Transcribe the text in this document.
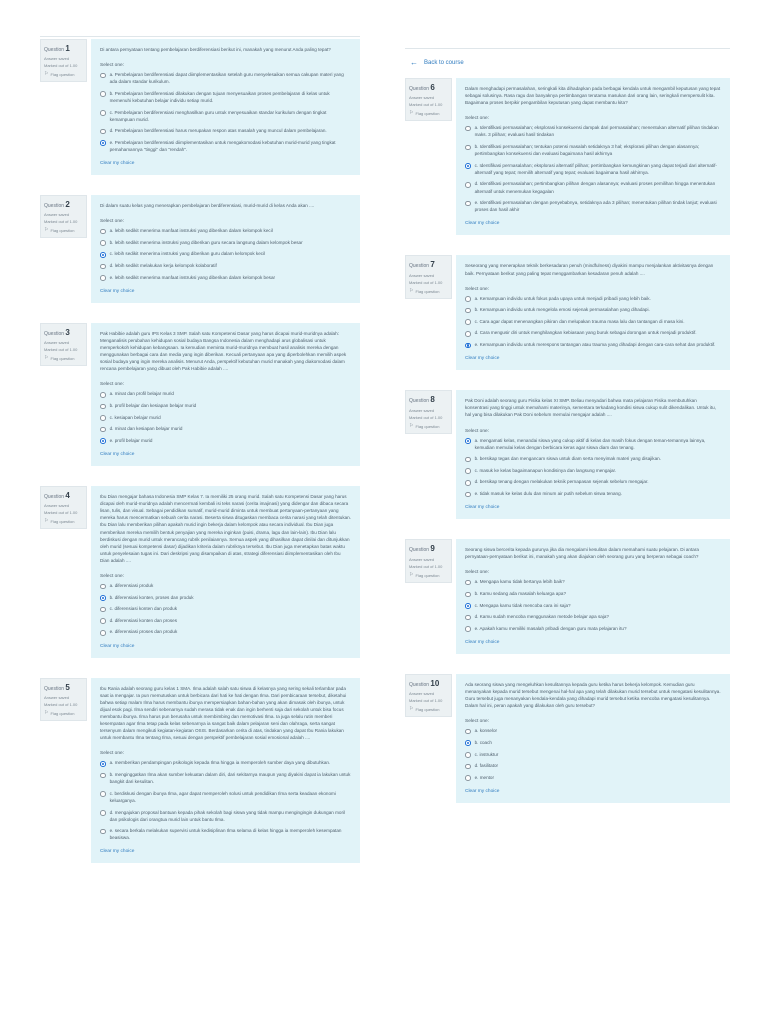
Question 1
Answer saved
Marked out of 1.00
⚐ Flag question

Di antara pernyataan tentang pembelajaran berdiferensiasi berikut ini, manakah yang menurut Anda paling tepat?

Select one:
a. Pembelajaran berdiferensiasi dapat diimplementasikan setelah guru menyelesaikan semua cakupan materi yang ada dalam standar kurikulum.
b. Pembelajaran berdiferensiasi dilakukan dengan tujuan menyesuaikan proses pembelajaran di kelas untuk memenuhi kebutuhan belajar individu setiap murid.
c. Pembelajaran berdiferensiasi menghasilkan guru untuk menyesuaikan standar kurikulum dengan tingkat kemampuan murid.
d. Pembelajaran berdiferensiasi harus merupakan respon atas masalah yang muncul dalam pembelajaran.
e. Pembelajaran berdiferensiasi diimplementasikan untuk mengakomodasi kebutuhan murid-murid yang tingkat pemahamannya "tinggi" dan "rendah".
Clear my choice
Question 2
Answer saved
Marked out of 1.00
⚐ Flag question

Di dalam suatu kelas yang menerapkan pembelajaran berdiferensiasi, murid-murid di kelas Anda akan ....

Select one:
a. lebih sedikit menerima manfaat instruksi yang diberikan dalam kelompok kecil
b. lebih sedikit menerima instruksi yang diberikan guru secara langsung dalam kelompok besar
c. lebih sedikit menerima instruksi yang diberikan guru dalam kelompok kecil
d. lebih sedikit melakukan kerja kelompok kolaboratif
e. lebih sedikit menerima manfaat instruksi yang diberikan dalam kelompok besar
Clear my choice
Question 3
Answer saved
Marked out of 1.00
⚐ Flag question

Pak Habibie adalah guru IPS Kelas 3 SMP. Salah satu Kompetensi Dasar yang harus dicapai murid-muridnya adalah: Menganalisis perubahan kehidupan sosial budaya Bangsa Indonesia dalam menghadapi arus globalisasi untuk memperkokoh kehidupan kebangsaan. Ia kemudian meminta murid-muridnya membuat hasil analisis mereka dengan menggunakan berbagai cara dan media yang ingin diberikan. Kecuali pertanyaan apa yang diperbolehkan memilih aspek sosial budaya yang ingin mereka analisis. Menurut Anda, perspektif kebutuhan murid manakah yang diakomodasi dalam rencana pembelajaran yang dibuat oleh Pak Habibie adalah ....

Select one:
a. minat dan profil belajar murid
b. profil belajar dan kesiapan belajar murid
c. kesiapan belajar murid
d. minat dan kesiapan belajar murid
e. profil belajar murid
Clear my choice
Question 4
Answer saved
Marked out of 1.00
⚐ Flag question

Ibu Dian mengajar bahasa Indonesia SMP Kelas 7. Ia memiliki 25 orang murid. Salah satu Kompetensi Dasar yang harus dicapai oleh murid-muridnya adalah mencermati kembali isi teks narasi (cerita imajinasi) yang didengar dan dibaca secara lisan, tulis, dan visual. Sebagai pendidikan sumatif, murid-murid diminta untuk membuat pertanyaan-pertanyaan yang mereka harus mencermatkan sebuah cerita narasi. Beserta siswa ditugaskan membaca cerita narasi yang telah ditentukan. Ibu Dian lalu memberikan pilihan apakah murid ingin bekerja dalam kelompok atau secara individual. Ibu Dian juga memberikan mereka memilih bentuk penyajian yang mereka inginkan (puisi, drama, lagu dan lain-lain). Ibu Dian lalu berdiskusi dengan murid untuk merancang rubrik penilaiannya. Semua aspek yang dihasilkan dapat dinilai dan ditunjukkan oleh murid (sesuai kompetensi dasar) dijadikan kriteria dalam rubriknya tersebut. Ibu Dian juga menetapkan batas waktu untuk penyelesaian tugas ini. Dari deskripsi yang disampaikan di atas, strategi diferensiasi diimplementasikan oleh Ibu Dian adalah ....

Select one:
a. diferensiasi produk
b. diferensiasi konten, proses dan produk
c. diferensiasi konten dan produk
d. diferensiasi konten dan proses
e. diferensiasi proses dan produk
Clear my choice
Question 5
Answer saved
Marked out of 1.00
⚐ Flag question

Ibu Rania adalah seorang guru kelas 1 SMA. Ilma adalah salah satu siswa di kelasnya yang sering sekali terlambar pada saat ia mengajar. Ia pun memutuskan untuk berbicara dari hati ke hati dengan Ilma. Dari pembicaraan tersebut, diketahui bahwa setiap malam Ilma harus membantu ibunya mempersiapkan bahan-bahan yang akan dimasak oleh ibunya, untuk dijual esok pagi. Ilma sendiri sebenarnya sudah merasa tidak enak dan ingin berhenti saja dari sekolah untuk bisa focus membantu ibunya. Ilma harus pun berusaha untuk membimbing dan memotivasi Ilma. Ia juga selalu rutin memberi kesempatan agar Ilma tetap pada kelas sebenarnya ia sangat baik dalam pelajaran seni dan olahraga, serta sangat tersenyum dalam mengikuti kegiatan-kegiatan OSIS. Berdasarkan cerita di atas, tindakan yang dapat Ibu Rania lakukan untuk membantu Ilma tentang Ilma, sesuai dengan perspektif pembelajaran sosial emosional adalah ....

Select one:
a. memberikan pendampingan psikologis kepada Ilma hingga ia memperoleh sumber daya yang dibutuhkan.
b. menginggatkan Ilma akan sumber kekuatan dalam diri, dari sekitarnya maupun yang diyakini dapat ia lakukan untuk bangkit dari kesulitan.
c. berdiskusi dengan ibunya Ilma, agar dapat memperoleh solusi untuk pendidikan Ilma serta keadaan ekonomi keluarganya.
d. mengajukan proposal bantuan kepada pihak sekolah bagi siswa yang tidak mampu mengingingin dukungan moril dan psikologis dari orangtua murid lain untuk bantu Ilma.
e. secara berkala melakukan supervisi untuk kedisiplinan Ilma selama di kelas hingga ia memperoleh kesempatan beasiswa.
Clear my choice
← Back to course
Question 6
Answer saved
Marked out of 1.00
⚐ Flag question

Dalam menghadapi permasalahan, seringkali kita dihadapkan pada berbagai kendala untuk mengambil keputusan yang tepat sebagai solusinya. Rasa ragu dan banyaknya pertimbangan terutama masukan dari orang lain, seringkali mempersulit kita. Bagaimana proses berpikir pengambilan keputusan yang dapat membantu kita?

Select one:
a. Identifikasi permasalahan; eksplorasi konsekuensi dampak dari permasalahan; menentukan alternatif pilihan tindakan maks. 3 pilihan; evaluasi hasil tindakan
b. Identifikasi permasalahan; tentukan potensi masalah setidaknya 3 hal; eksplorasi pilihan dengan alasannya; pertimbangkan konsekuensi dan evaluasi bagaimana hasil akhirnya
c. Identifikasi permasalahan; eksplorasi alternatif pilihan; pertimbangkan kemungkinan yang dapat terjadi dari alternatif-alternatif yang tepat; memilih alternatif yang tepat; evaluasi bagaimana hasil akhirnya.
d. Identifikasi permasalahan; pertimbangkan pilihan dengan alasannya; evaluasi proses pemilihan hingga menentukan alternatif untuk menemukan kegagalan
e. Identifikasi permasalahan dengan penyebabnya, setidaknya ada 3 pilihan; menentukan pilihan tindak lanjut; evaluasi proses dan hasil akhir
Clear my choice
Question 7
Answer saved
Marked out of 1.00
⚐ Flag question

Seseorang yang menerapkan teknik berkesadaran penuh (mindfulness) diyakini mampu menjalankan aktivitasnya dengan baik. Pernyataan berikut yang paling tepat menggambarkan kesadaran penuh adalah ....

Select one:
a. Kemampuan individu untuk fokus pada upaya untuk menjadi pribadi yang lebih baik.
b. Kemampuan individu untuk mengelola emosi sejenak permasalahan yang dihadapi.
c. Cara agar dapat menenangkan pikiran dan melupakan trauma masa lalu dan tantangan di masa kini.
d. Cara mengusir diri untuk menghilangkan kebiasaan yang buruk sebagai dorongan untuk menjadi produktif.
e. Kemampuan individu untuk merespons tantangan atau trauma yang dihadapi dengan cara-cara sehat dan produktif.
Clear my choice
Question 8
Answer saved
Marked out of 1.00
⚐ Flag question

Pak Doni adalah seorang guru Fisika kelas XI SMP. Beliau menyadari bahwa mata pelajaran Fisika membutuhkan konsentrasi yang tinggi untuk memahami materinya, sementara terkadang kondisi siswa cukup sulit dikendalikan. Untuk itu, hal yang bisa dilakukan Pak Doni sebelum memulai mengajar adalah ....

Select one:
a. mengamati kelas, menandai siswa yang cukup aktif di kelas dan masih fokus dengan teman-temannya lainnya, kemudian memulai kelas dengan berbicara keras agar siswa diam dan tenang.
b. bersikap tegas dan mengancam siswa untuk diam serta menyimak materi yang disajikan.
c. masuk ke kelas bagaimanapun kondisinya dan langsung mengajar.
d. bersikap tenang dengan melakukan teknik pernapasan sejenak sebelum mengajar.
e. tidak masuk ke kelas dulu dan minum air putih sebelum siswa tenang.
Clear my choice
Question 9
Answer saved
Marked out of 1.00
⚐ Flag question

Seorang siswa bercerita kepada gurunya jika dia mengalami kesulitan dalam memahami suatu pelajaran. Di antara pernyataan-pernyataan berikut ini, manakah yang akan diajukan oleh seorang guru yang berperan sebagai coach?

Select one:
a. Mengapa kamu tidak bertanya lebih baik?
b. Kamu sedang ada masalah keluarga apa?
c. Mengapa kamu tidak mencoba cara ini saja?
d. Kamu sudah mencoba menggunakan metode belajar apa saja?
e. Apakah kamu memiliki masalah pribadi dengan guru mata pelajaran itu?
Clear my choice
Question 10
Answer saved
Marked out of 1.00
⚐ Flag question

Ada seorang siswa yang mengeluhkan kesulitannya kepada guru ketika harus bekerja kelompok. Kemudian guru menanyakan kepada murid tersebut mengenai hal-hal apa yang telah dilakukan murid tersebut untuk mengatasi kesulitannya. Guru tersebut juga menanyakan kendala-kendala yang dihadapi murid tersebut ketika mencoba mengatasi kesulitannya. Dalam hal ini, peran apakah yang dilakukan oleh guru tersebut?

Select one:
a. konselor
b. coach
c. instruktur
d. fasilitator
e. mentor
Clear my choice
